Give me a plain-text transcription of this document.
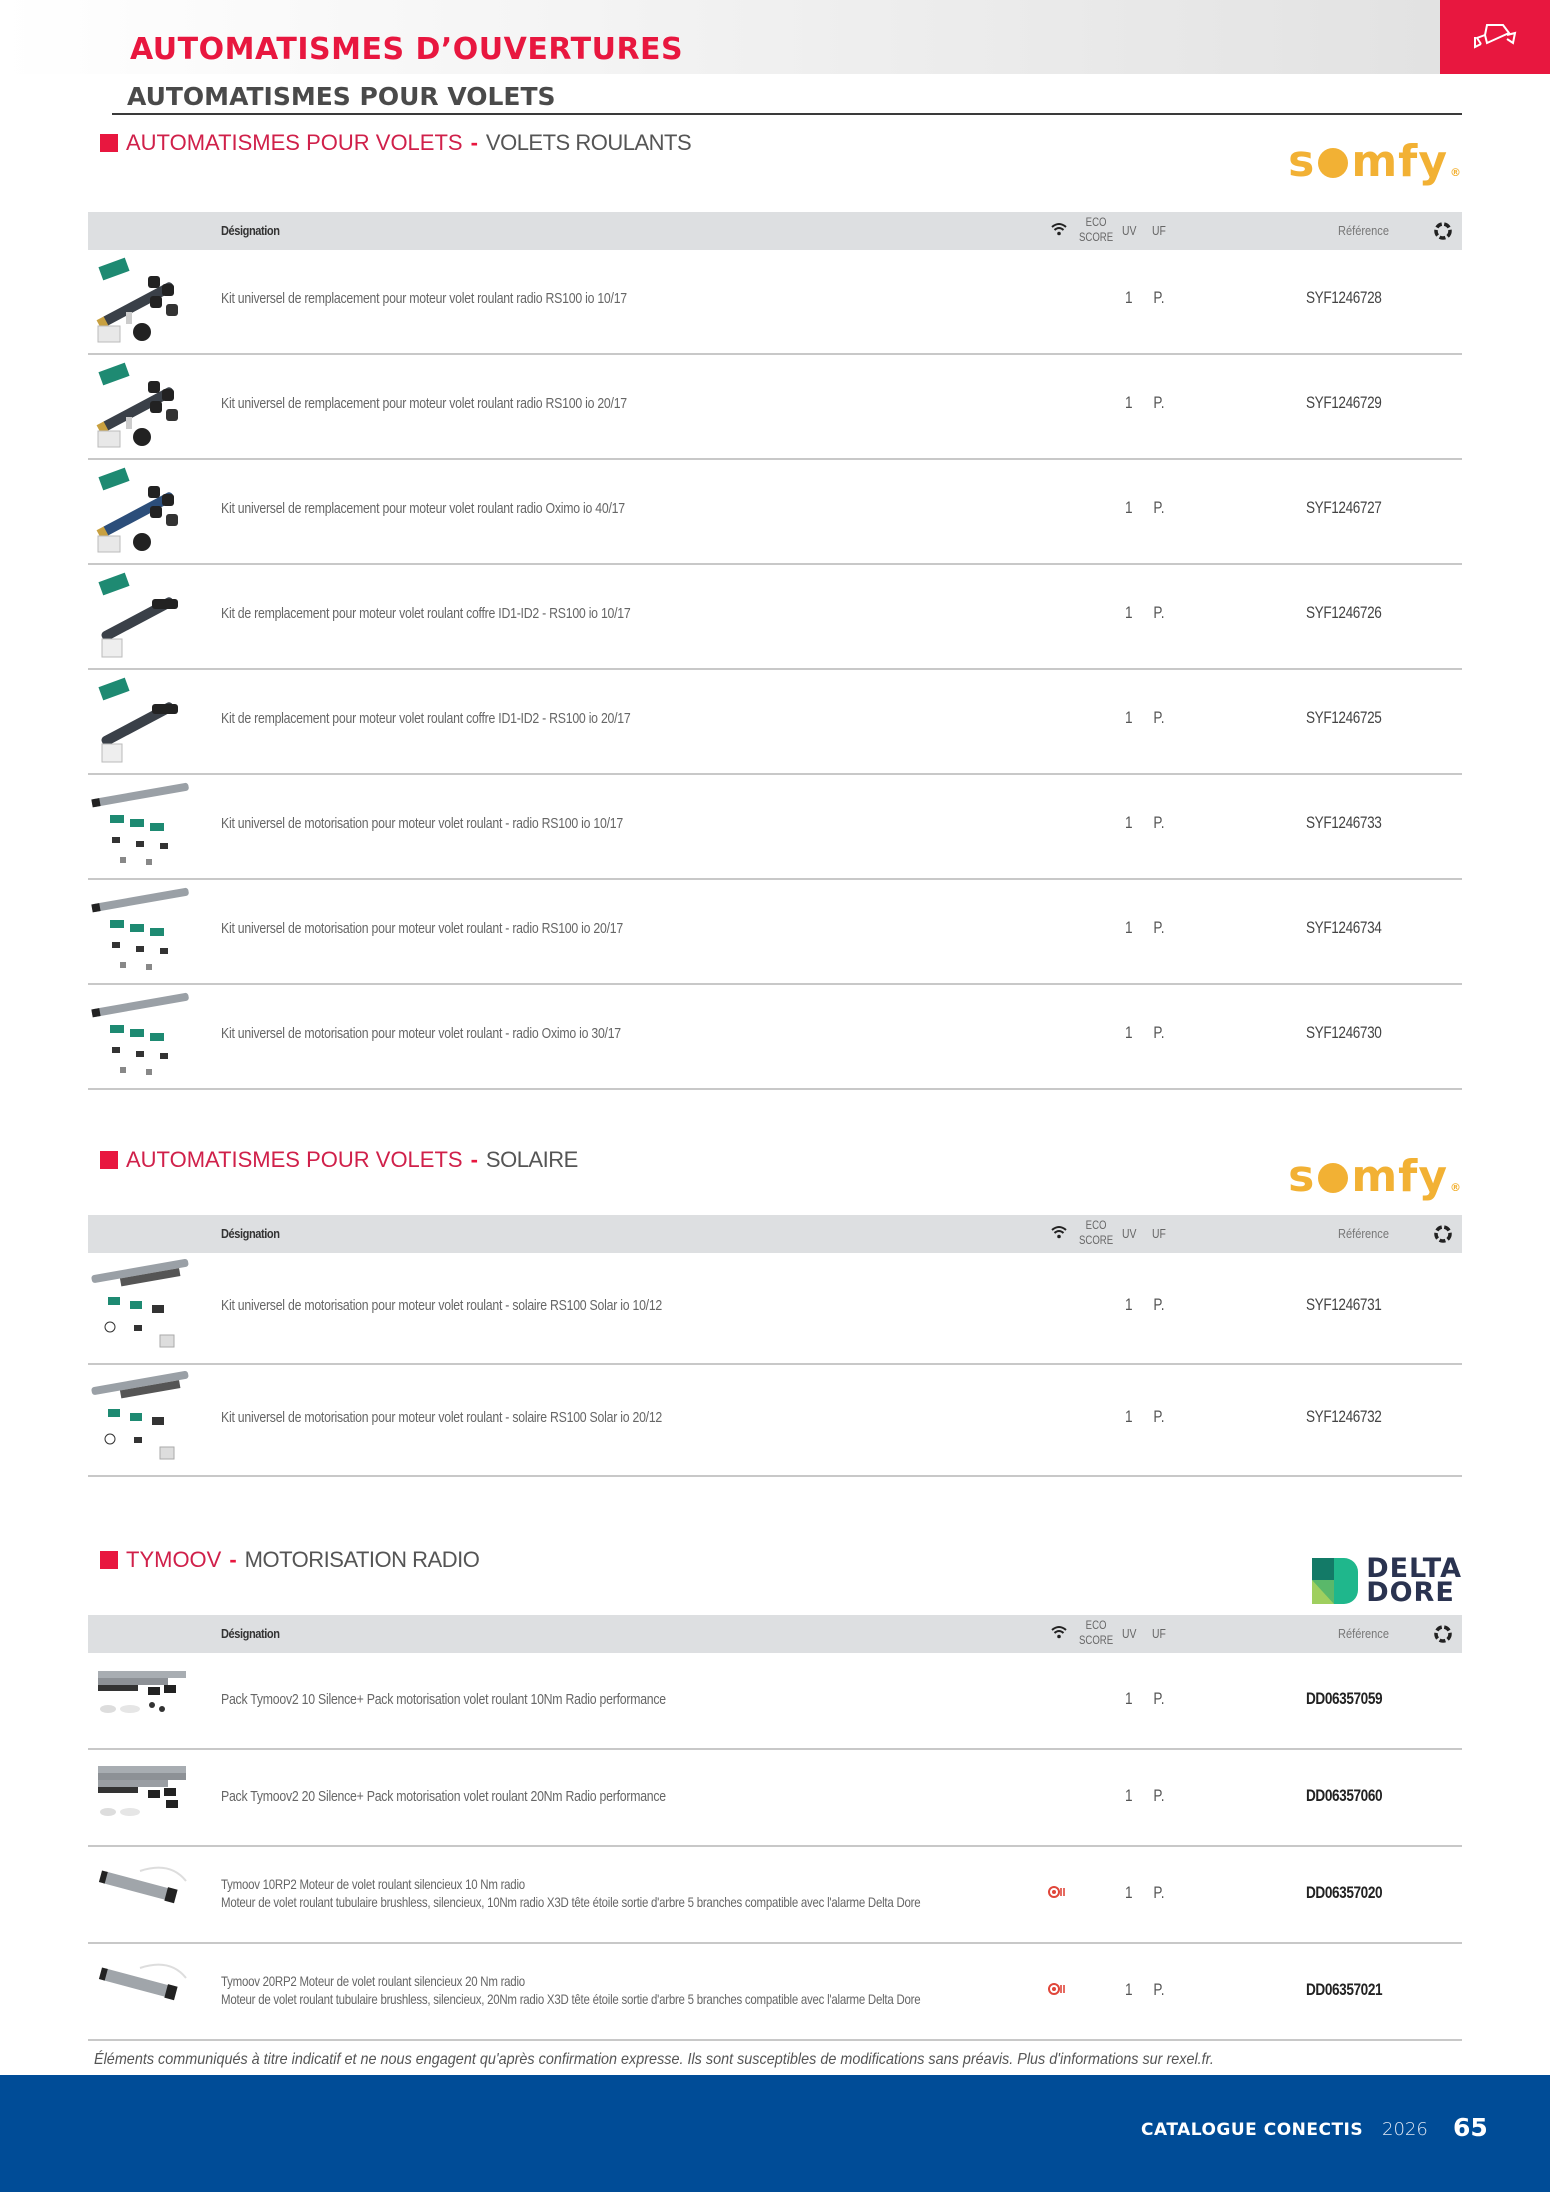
AUTOMATISMES D’OUVERTURES
AUTOMATISMES POUR VOLETS
AUTOMATISMES POUR VOLETS - VOLETS ROULANTS	s mfy ®
Désignation
ECO
SCORE UV UF	Référence
Kit universel de remplacement pour moteur volet roulant radio RS100 io 10/17	1 P.	SYF1246728
Kit universel de remplacement pour moteur volet roulant radio RS100 io 20/17	1 P.	SYF1246729
Kit universel de remplacement pour moteur volet roulant radio Oximo io 40/17	1 P.	SYF1246727
Kit de remplacement pour moteur volet roulant coffre ID1-ID2 - RS100 io 10/17	1 P.	SYF1246726
Kit de remplacement pour moteur volet roulant coffre ID1-ID2 - RS100 io 20/17	1 P.	SYF1246725
Kit universel de motorisation pour moteur volet roulant - radio RS100 io 10/17	1 P.	SYF1246733
Kit universel de motorisation pour moteur volet roulant - radio RS100 io 20/17	1 P.	SYF1246734
Kit universel de motorisation pour moteur volet roulant - radio Oximo io 30/17	1 P.	SYF1246730
AUTOMATISMES POUR VOLETS - SOLAIRE	s mfy ®
Désignation
ECO
SCORE UV UF	Référence
Kit universel de motorisation pour moteur volet roulant - solaire RS100 Solar io 10/12	1 P.	SYF1246731
Kit universel de motorisation pour moteur volet roulant - solaire RS100 Solar io 20/12	1 P.	SYF1246732
TYMOOV - MOTORISATION RADIO	DELTA
DORE
Désignation
ECO
SCORE UV UF	Référence
Pack Tymoov2 10 Silence+ Pack motorisation volet roulant 10Nm Radio performance	1 P.	DD06357059
Pack Tymoov2 20 Silence+ Pack motorisation volet roulant 20Nm Radio performance	1 P.	DD06357060
Tymoov 10RP2 Moteur de volet roulant silencieux 10 Nm radio
Moteur de volet roulant tubulaire brushless, silencieux, 10Nm radio X3D tête étoile sortie d'arbre 5 branches compatible avec l'alarme Delta Dore	1 P.	DD06357020
Tymoov 20RP2 Moteur de volet roulant silencieux 20 Nm radio
Moteur de volet roulant tubulaire brushless, silencieux, 20Nm radio X3D tête étoile sortie d'arbre 5 branches compatible avec l'alarme Delta Dore	1 P.	DD06357021
Éléments communiqués à titre indicatif et ne nous engagent qu'après confirmation expresse. Ils sont susceptibles de modifications sans préavis. Plus d'informations sur rexel.fr.
CATALOGUE CONECTIS 2026 65
